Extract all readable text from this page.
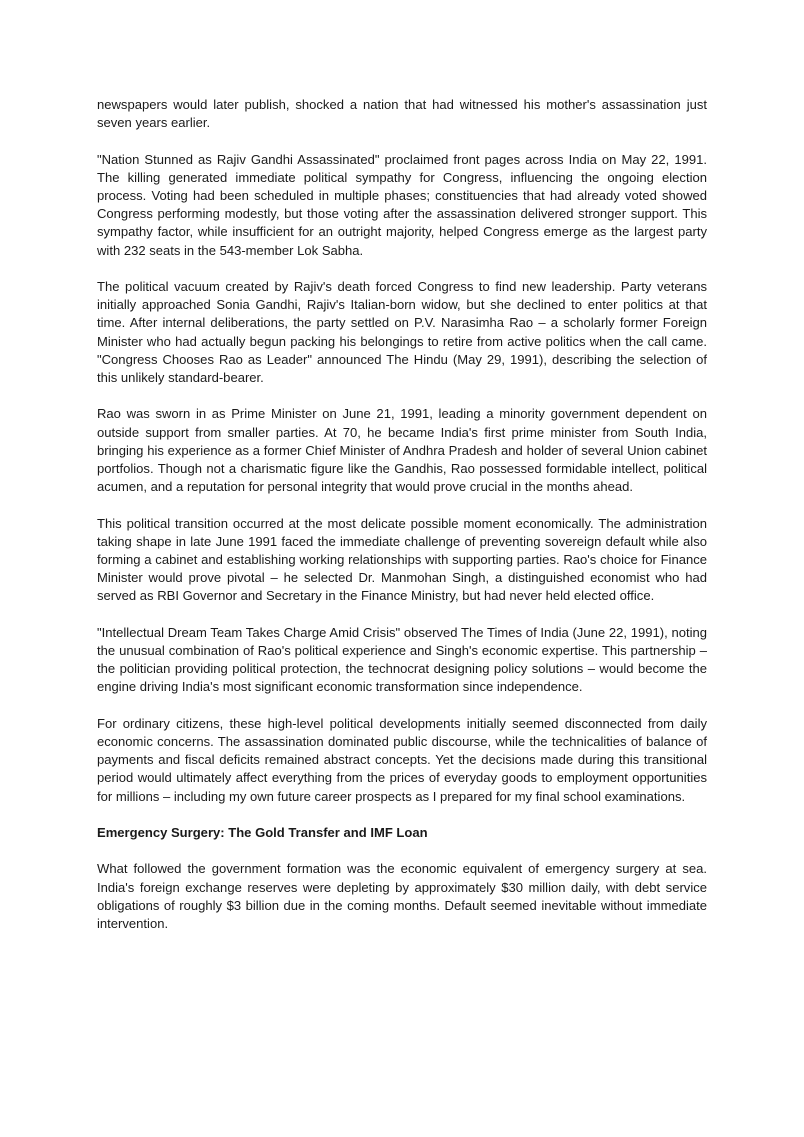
newspapers would later publish, shocked a nation that had witnessed his mother's assassination just seven years earlier.

"Nation Stunned as Rajiv Gandhi Assassinated" proclaimed front pages across India on May 22, 1991. The killing generated immediate political sympathy for Congress, influencing the ongoing election process. Voting had been scheduled in multiple phases; constituencies that had already voted showed Congress performing modestly, but those voting after the assassination delivered stronger support. This sympathy factor, while insufficient for an outright majority, helped Congress emerge as the largest party with 232 seats in the 543-member Lok Sabha.

The political vacuum created by Rajiv's death forced Congress to find new leadership. Party veterans initially approached Sonia Gandhi, Rajiv's Italian-born widow, but she declined to enter politics at that time. After internal deliberations, the party settled on P.V. Narasimha Rao – a scholarly former Foreign Minister who had actually begun packing his belongings to retire from active politics when the call came. "Congress Chooses Rao as Leader" announced The Hindu (May 29, 1991), describing the selection of this unlikely standard-bearer.

Rao was sworn in as Prime Minister on June 21, 1991, leading a minority government dependent on outside support from smaller parties. At 70, he became India's first prime minister from South India, bringing his experience as a former Chief Minister of Andhra Pradesh and holder of several Union cabinet portfolios. Though not a charismatic figure like the Gandhis, Rao possessed formidable intellect, political acumen, and a reputation for personal integrity that would prove crucial in the months ahead.

This political transition occurred at the most delicate possible moment economically. The administration taking shape in late June 1991 faced the immediate challenge of preventing sovereign default while also forming a cabinet and establishing working relationships with supporting parties. Rao's choice for Finance Minister would prove pivotal – he selected Dr. Manmohan Singh, a distinguished economist who had served as RBI Governor and Secretary in the Finance Ministry, but had never held elected office.

"Intellectual Dream Team Takes Charge Amid Crisis" observed The Times of India (June 22, 1991), noting the unusual combination of Rao's political experience and Singh's economic expertise. This partnership – the politician providing political protection, the technocrat designing policy solutions – would become the engine driving India's most significant economic transformation since independence.

For ordinary citizens, these high-level political developments initially seemed disconnected from daily economic concerns. The assassination dominated public discourse, while the technicalities of balance of payments and fiscal deficits remained abstract concepts. Yet the decisions made during this transitional period would ultimately affect everything from the prices of everyday goods to employment opportunities for millions – including my own future career prospects as I prepared for my final school examinations.

Emergency Surgery: The Gold Transfer and IMF Loan

What followed the government formation was the economic equivalent of emergency surgery at sea. India's foreign exchange reserves were depleting by approximately $30 million daily, with debt service obligations of roughly $3 billion due in the coming months. Default seemed inevitable without immediate intervention.
